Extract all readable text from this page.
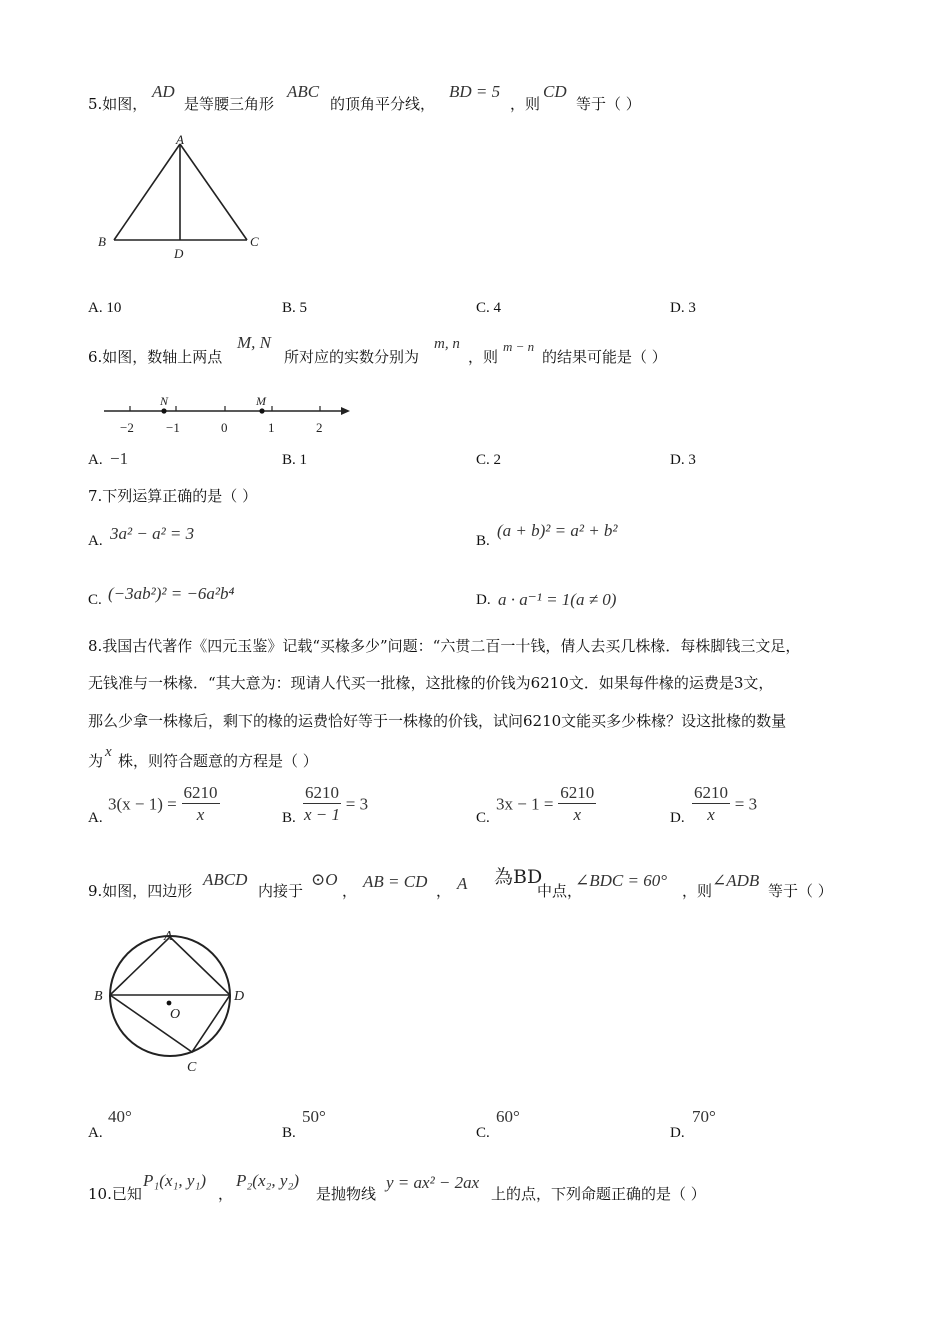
5.如图，
AD
是等腰三角形
ABC
的顶角平分线，
BD = 5
，则
CD
等于（ ）
A
B	C
D
A. 10	B. 5	C. 4	D. 3
6.如图，数轴上两点
M, N
所对应的实数分别为
m, n
，则
m − n
的结果可能是（ ）
N	M
−2 −1	0	1	2
A. −1	B. 1	C. 2	D. 3
7.下列运算正确的是（ ）
A. 3a² − a² = 3	B.
(a + b)² = a² + b²
C. (−3ab²)² = −6a²b⁴	D. a · a⁻¹ = 1(a ≠ 0)
8.我国古代著作《四元玉鉴》记载“买椽多少”问题：“六贯二百一十钱，倩人去买几株椽．每株脚钱三文足，
无钱准与一株椽．“其大意为：现请人代买一批椽，这批椽的价钱为6210文．如果每件椽的运费是3文，
那么少拿一株椽后，剩下的椽的运费恰好等于一株椽的价钱，试问6210文能买多少株椽？设这批椽的数量
为 x 株，则符合题意的方程是（ ）
A.
$3(x - 1) = \frac{6210}{x}$	B. $\frac{6210}{x - 1} = 3$
C.
$3x - 1 = \frac{6210}{x}$	D. $\frac{6210}{x} = 3$
9.如图，四边形
ABCD
内接于
⊙O
， AB = CD ， A 為BD
中点，
∠BDC = 60°
，则
∠ADB
等于（ ）
A
B	D
C
O
A.
40°
B.
50°
C.
60°
D.
70°
10.已知
P₁(x₁, y₁)
，
P₂(x₂, y₂)
是抛物线
y = ax² − 2ax
上的点，下列命题正确的是（ ）
